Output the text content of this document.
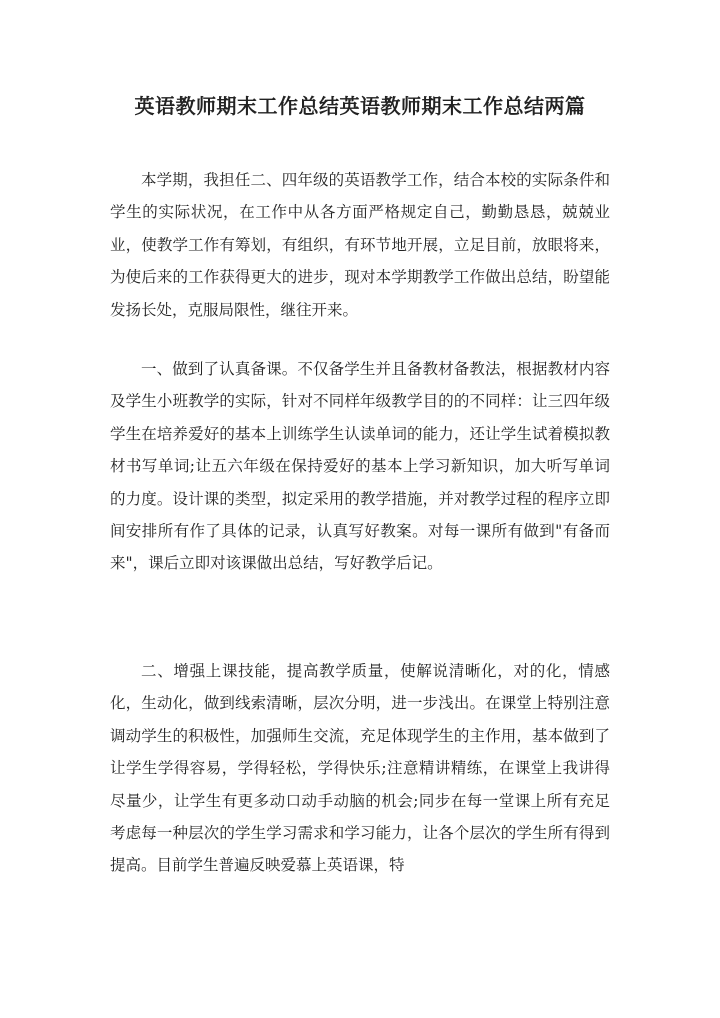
英语教师期末工作总结英语教师期末工作总结两篇

本学期，我担任二、四年级的英语教学工作，结合本校的实际条件和学生的实际状况，在工作中从各方面严格规定自己，勤勤恳恳，兢兢业业，使教学工作有筹划，有组织，有环节地开展，立足目前，放眼将来，为使后来的工作获得更大的进步，现对本学期教学工作做出总结，盼望能发扬长处，克服局限性，继往开来。

一、做到了认真备课。不仅备学生并且备教材备教法，根据教材内容及学生小班教学的实际，针对不同样年级教学目的的不同样：让三四年级学生在培养爱好的基本上训练学生认读单词的能力，还让学生试着模拟教材书写单词;让五六年级在保持爱好的基本上学习新知识，加大听写单词的力度。设计课的类型，拟定采用的教学措施，并对教学过程的程序立即间安排所有作了具体的记录，认真写好教案。对每一课所有做到"有备而来"，课后立即对该课做出总结，写好教学后记。

二、增强上课技能，提高教学质量，使解说清晰化，对的化，情感化，生动化，做到线索清晰，层次分明，进一步浅出。在课堂上特别注意调动学生的积极性，加强师生交流，充足体现学生的主作用，基本做到了让学生学得容易，学得轻松，学得快乐;注意精讲精练，在课堂上我讲得尽量少，让学生有更多动口动手动脑的机会;同步在每一堂课上所有充足考虑每一种层次的学生学习需求和学习能力，让各个层次的学生所有得到提高。目前学生普遍反映爱慕上英语课，特
